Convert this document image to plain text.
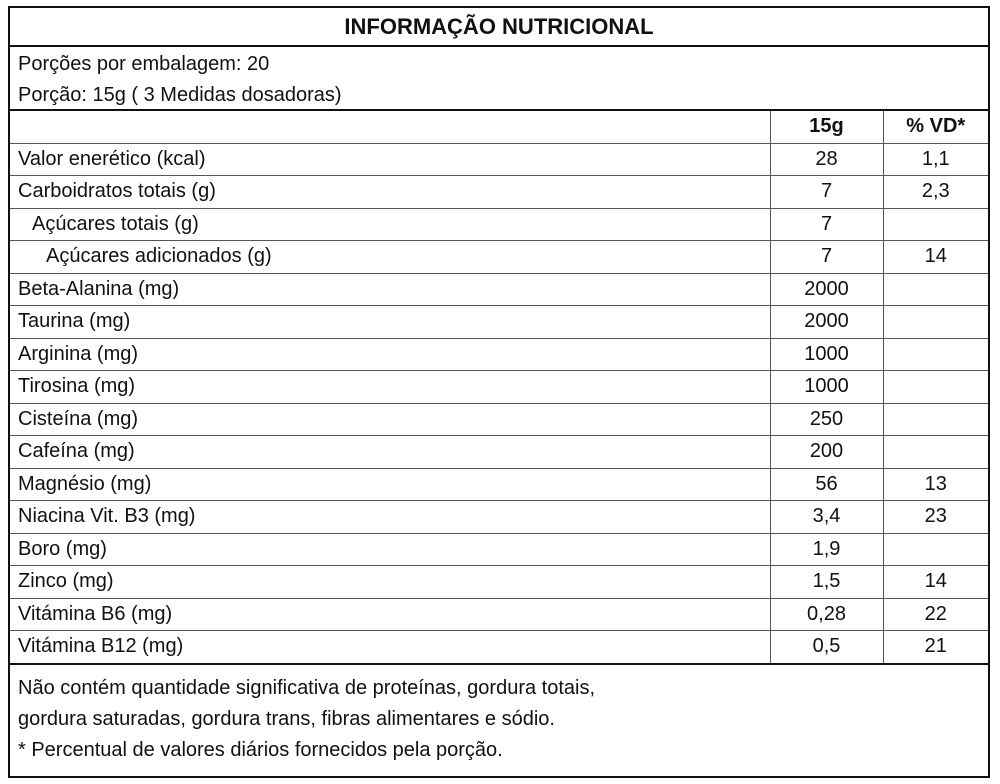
INFORMAÇÃO NUTRICIONAL
Porções por embalagem: 20
Porção: 15g ( 3 Medidas dosadoras)
	15g	% VD*
Valor enerético (kcal)	28	1,1
Carboidratos totais (g)	7	2,3
Açúcares totais (g)	7	
Açúcares adicionados (g)	7	14
Beta-Alanina (mg)	2000	
Taurina (mg)	2000	
Arginina (mg)	1000	
Tirosina (mg)	1000	
Cisteína (mg)	250	
Cafeína (mg)	200	
Magnésio (mg)	56	13
Niacina Vit. B3 (mg)	3,4	23
Boro (mg)	1,9	
Zinco (mg)	1,5	14
Vitámina B6 (mg)	0,28	22
Vitámina B12 (mg)	0,5	21
Não contém quantidade significativa de proteínas, gordura totais,
gordura saturadas, gordura trans, fibras alimentares e sódio.
* Percentual de valores diários fornecidos pela porção.
